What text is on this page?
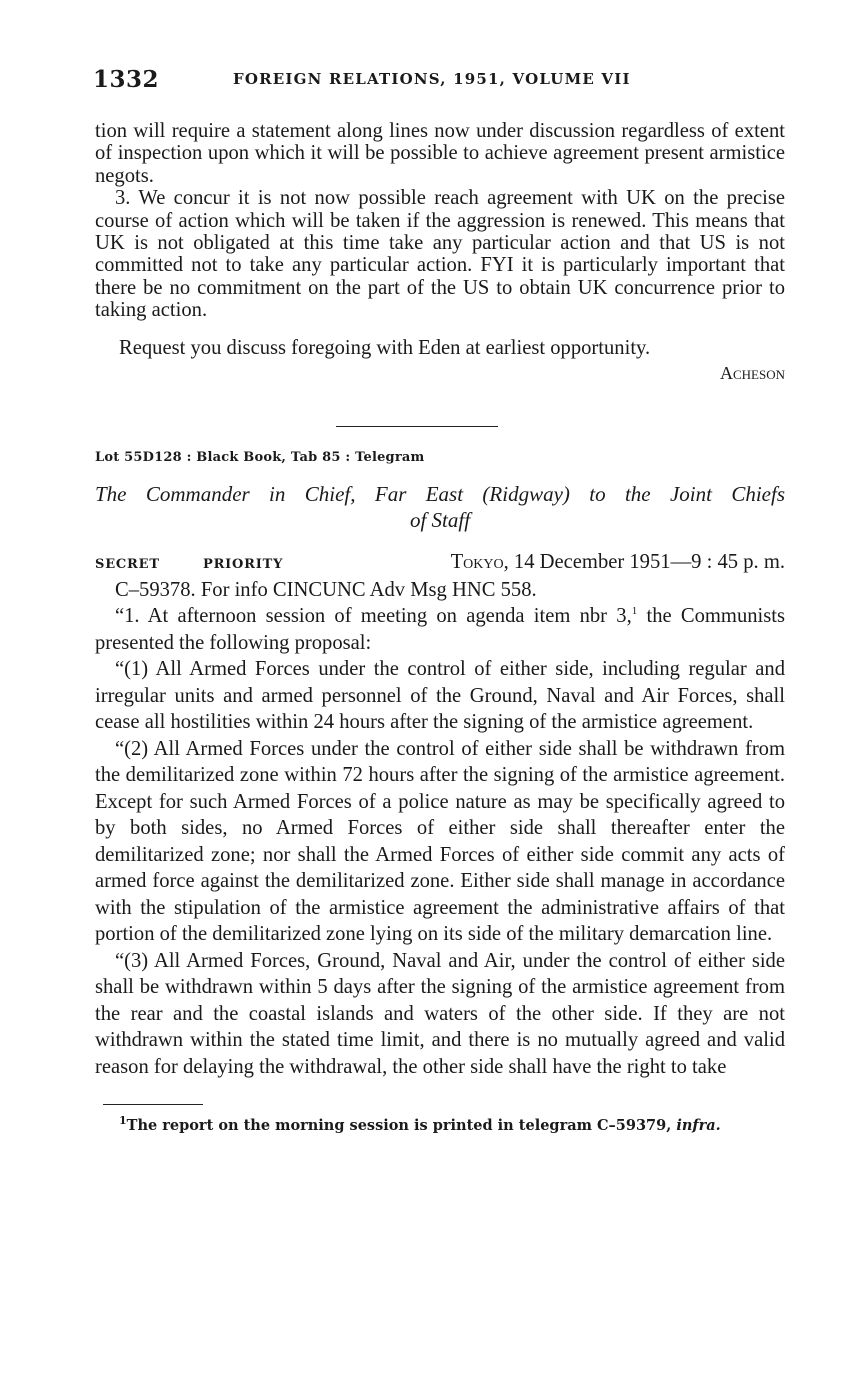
1332	FOREIGN RELATIONS, 1951, VOLUME VII

tion will require a statement along lines now under discussion regardless of extent of inspection upon which it will be possible to achieve agreement present armistice negots.

3. We concur it is not now possible reach agreement with UK on the precise course of action which will be taken if the aggression is renewed. This means that UK is not obligated at this time take any particular action and that US is not committed not to take any particular action. FYI it is particularly important that there be no commitment on the part of the US to obtain UK concurrence prior to taking action.

Request you discuss foregoing with Eden at earliest opportunity.

Acheson

Lot 55D128 : Black Book, Tab 85 : Telegram
The Commander in Chief, Far East (Ridgway) to the Joint Chiefs
of Staff
SECRET	PRIORITY	Tokyo, 14 December 1951—9 : 45 p. m.

C–59378. For info CINCUNC Adv Msg HNC 558.

“1. At afternoon session of meeting on agenda item nbr 3,$^1$ the Communists presented the following proposal:

“(1) All Armed Forces under the control of either side, including regular and irregular units and armed personnel of the Ground, Naval and Air Forces, shall cease all hostilities within 24 hours after the signing of the armistice agreement.

“(2) All Armed Forces under the control of either side shall be withdrawn from the demilitarized zone within 72 hours after the signing of the armistice agreement. Except for such Armed Forces of a police nature as may be specifically agreed to by both sides, no Armed Forces of either side shall thereafter enter the demilitarized zone; nor shall the Armed Forces of either side commit any acts of armed force against the demilitarized zone. Either side shall manage in accordance with the stipulation of the armistice agreement the administrative affairs of that portion of the demilitarized zone lying on its side of the military demarcation line.

“(3) All Armed Forces, Ground, Naval and Air, under the control of either side shall be withdrawn within 5 days after the signing of the armistice agreement from the rear and the coastal islands and waters of the other side. If they are not withdrawn within the stated time limit, and there is no mutually agreed and valid reason for delaying the withdrawal, the other side shall have the right to take

$^1$The report on the morning session is printed in telegram C–59379, infra.
